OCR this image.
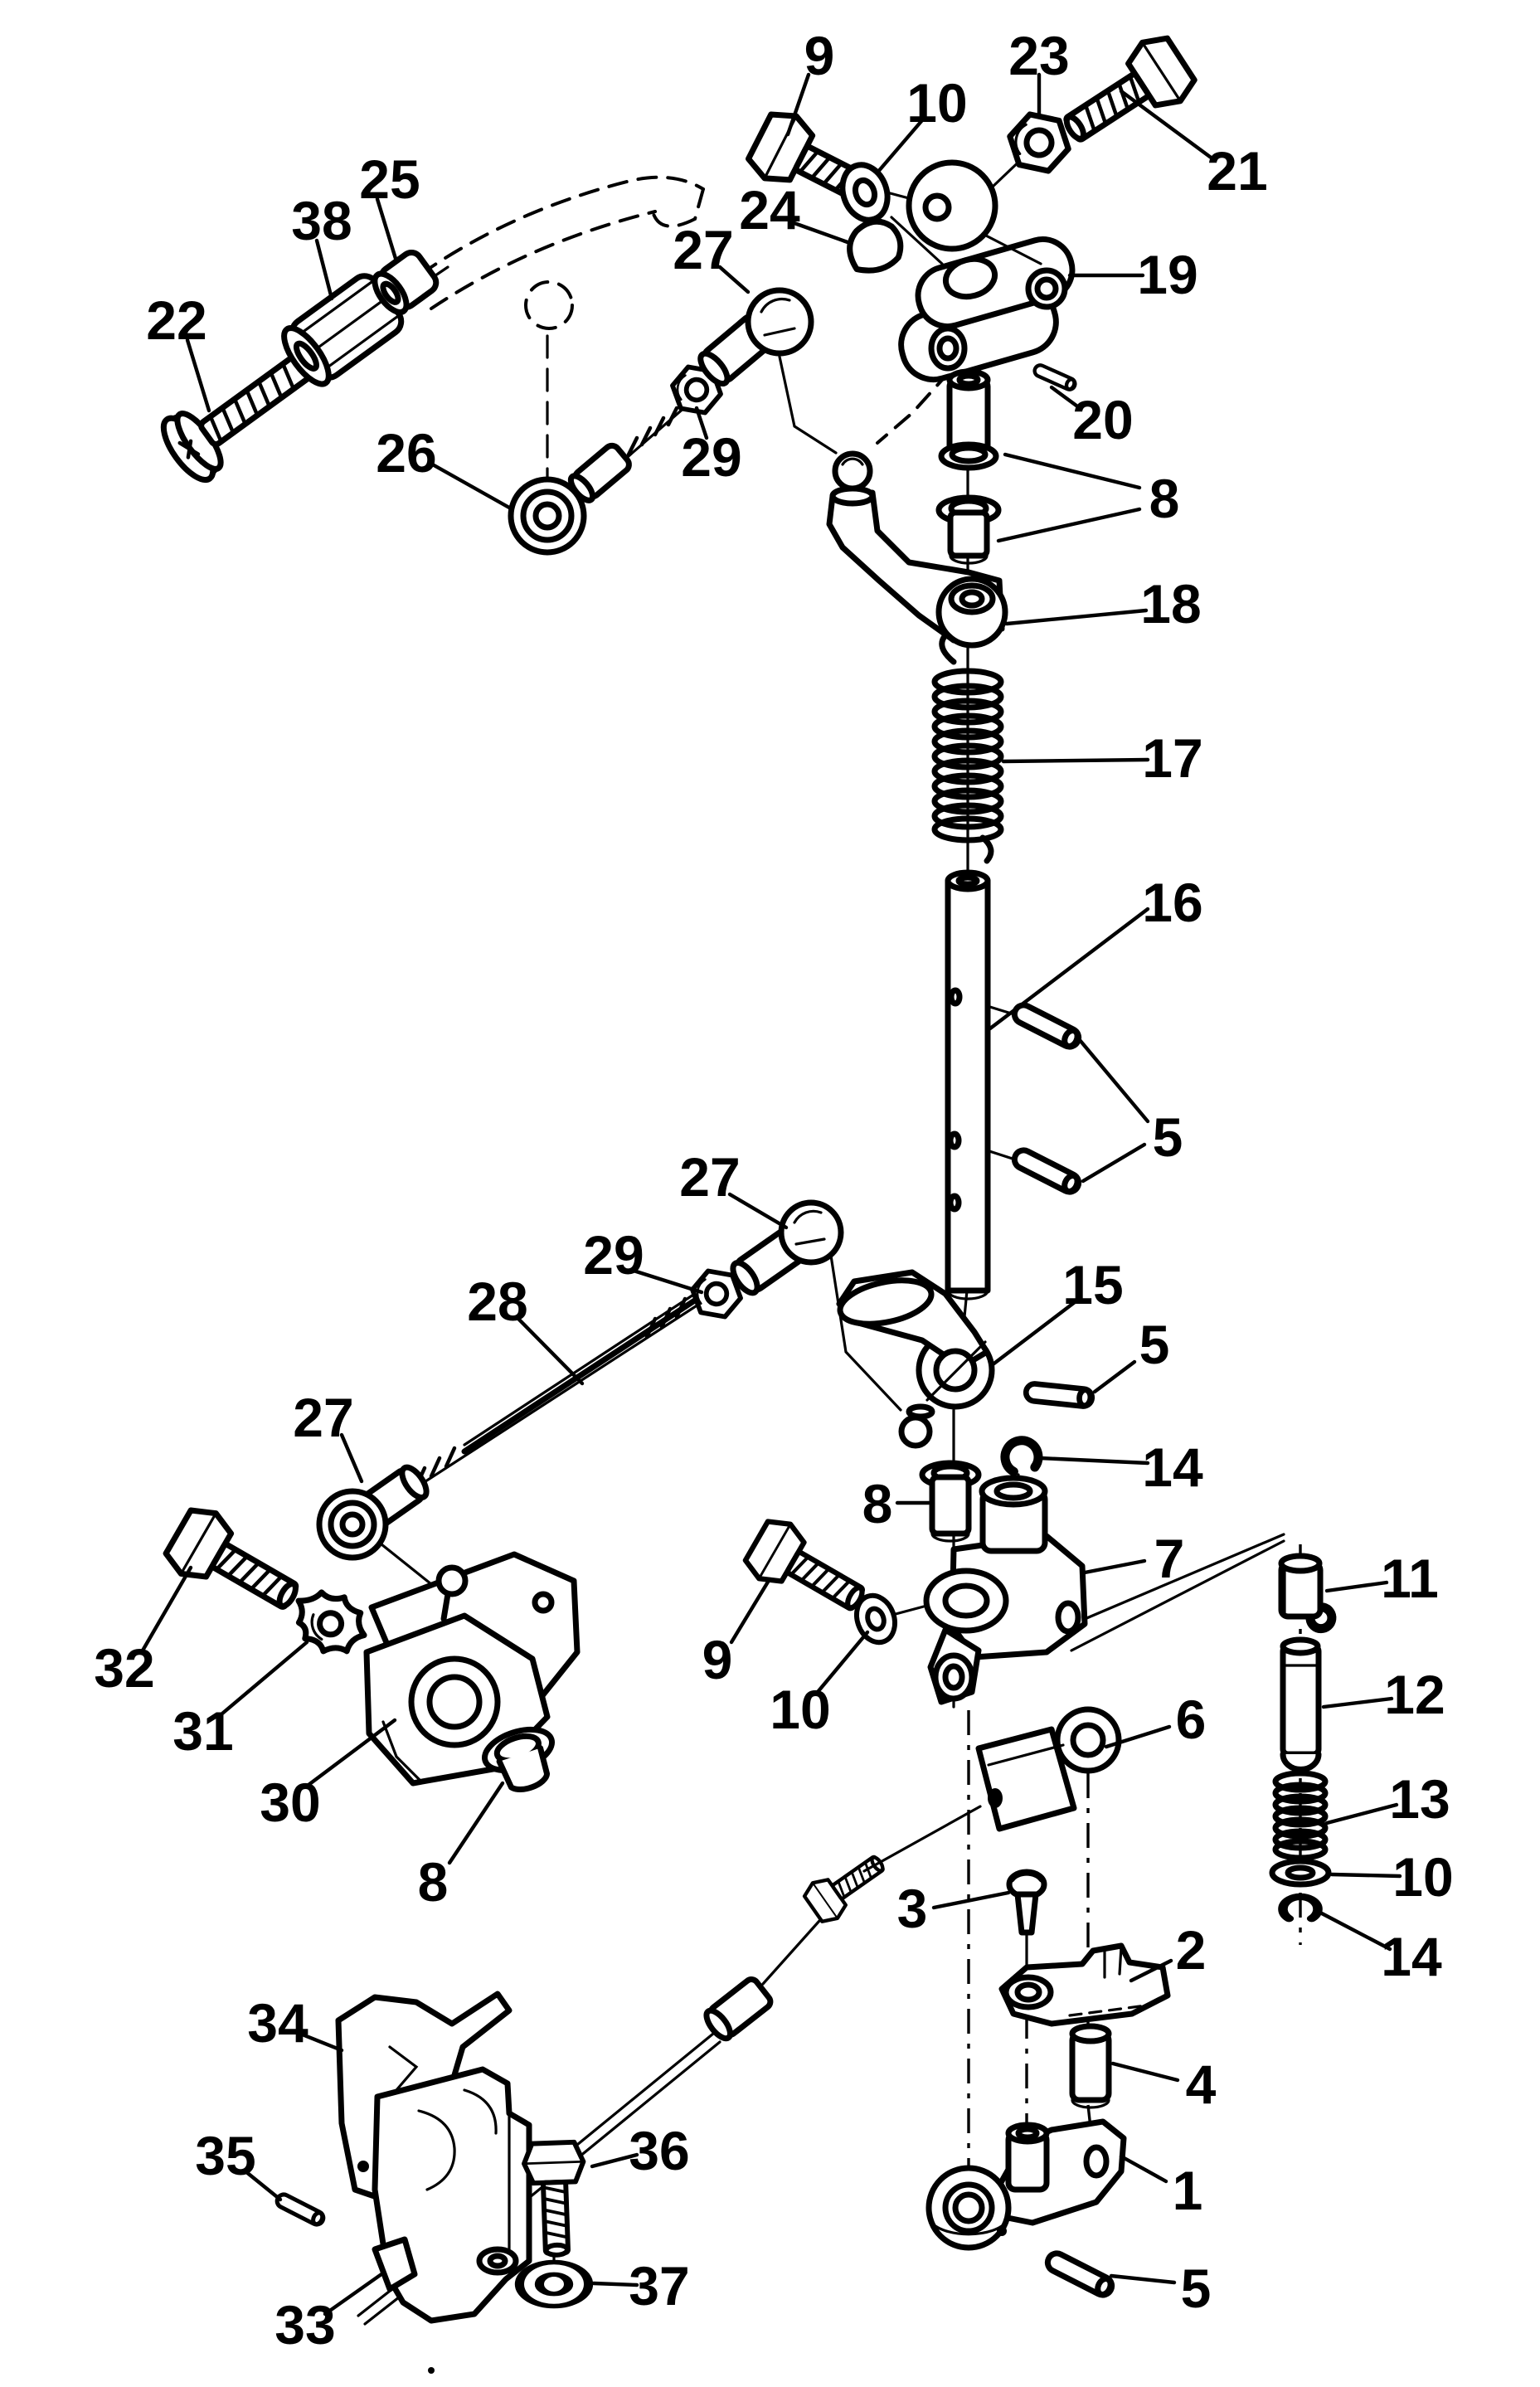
9
10
23
21
25
38
22
24
27	19
26	29
20
8
18
17
16
5
15
5
14
8
7
27
29
28
27
32
31
30
8
9
10
11
12
13
10
14
6
3
2
4
1
5
34
35	36
37
33
